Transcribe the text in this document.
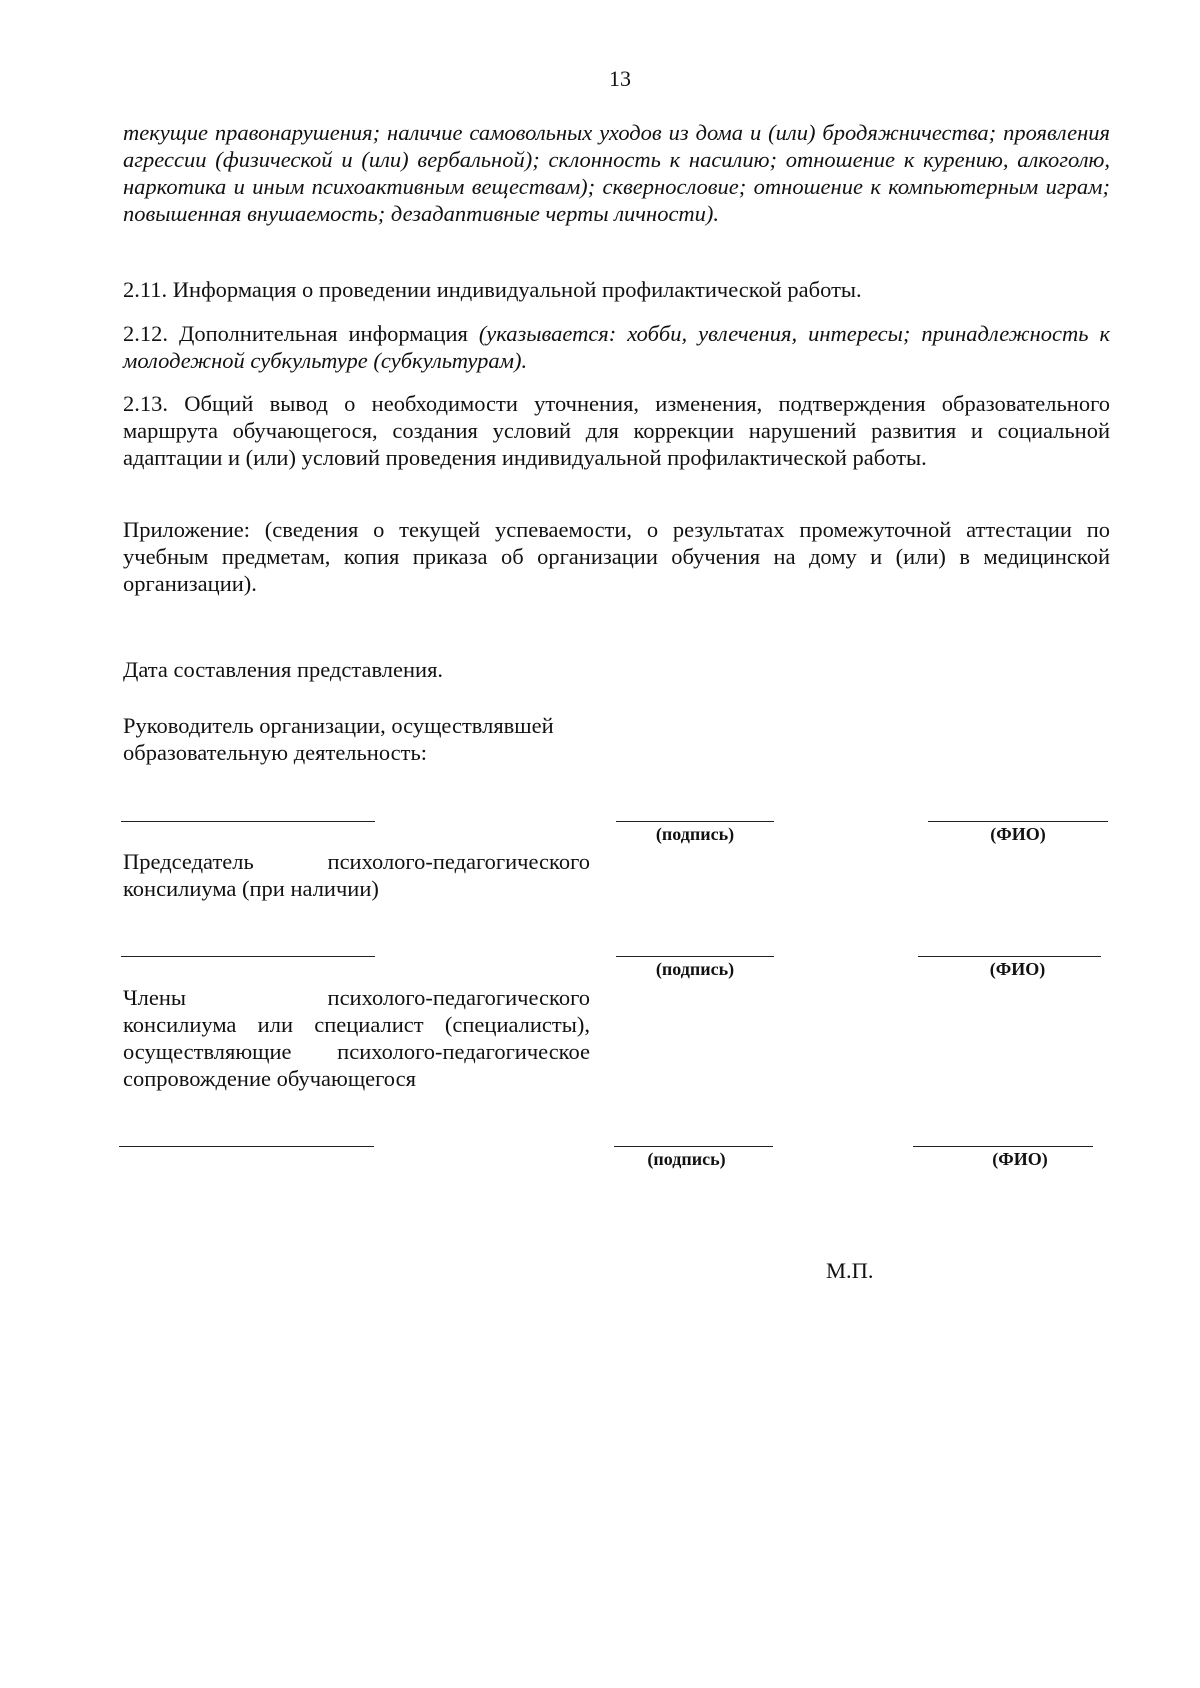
13

текущие правонарушения; наличие самовольных уходов из дома и (или) бродяжничества; проявления агрессии (физической и (или) вербальной); склонность к насилию; отношение к курению, алкоголю, наркотика и иным психоактивным веществам); сквернословие; отношение к компьютерным играм; повышенная внушаемость; дезадаптивные черты личности).

2.11. Информация о проведении индивидуальной профилактической работы.

2.12. Дополнительная информация (указывается: хобби, увлечения, интересы; принадлежность к молодежной субкультуре (субкультурам).

2.13. Общий вывод о необходимости уточнения, изменения, подтверждения образовательного маршрута обучающегося, создания условий для коррекции нарушений развития и социальной адаптации и (или) условий проведения индивидуальной профилактической работы.

Приложение: (сведения о текущей успеваемости, о результатах промежуточной аттестации по учебным предметам, копия приказа об организации обучения на дому и (или) в медицинской организации).

Дата составления представления.

Руководитель организации, осуществлявшей
образовательную деятельность:
(подпись)	(ФИО)
Председатель психолого-педагогического
консилиума (при наличии)
(подпись)	(ФИО)
Члены психолого-педагогического
консилиума или специалист (специалисты),
осуществляющие психолого-педагогическое
сопровождение обучающегося
(подпись)	(ФИО)
М.П.
